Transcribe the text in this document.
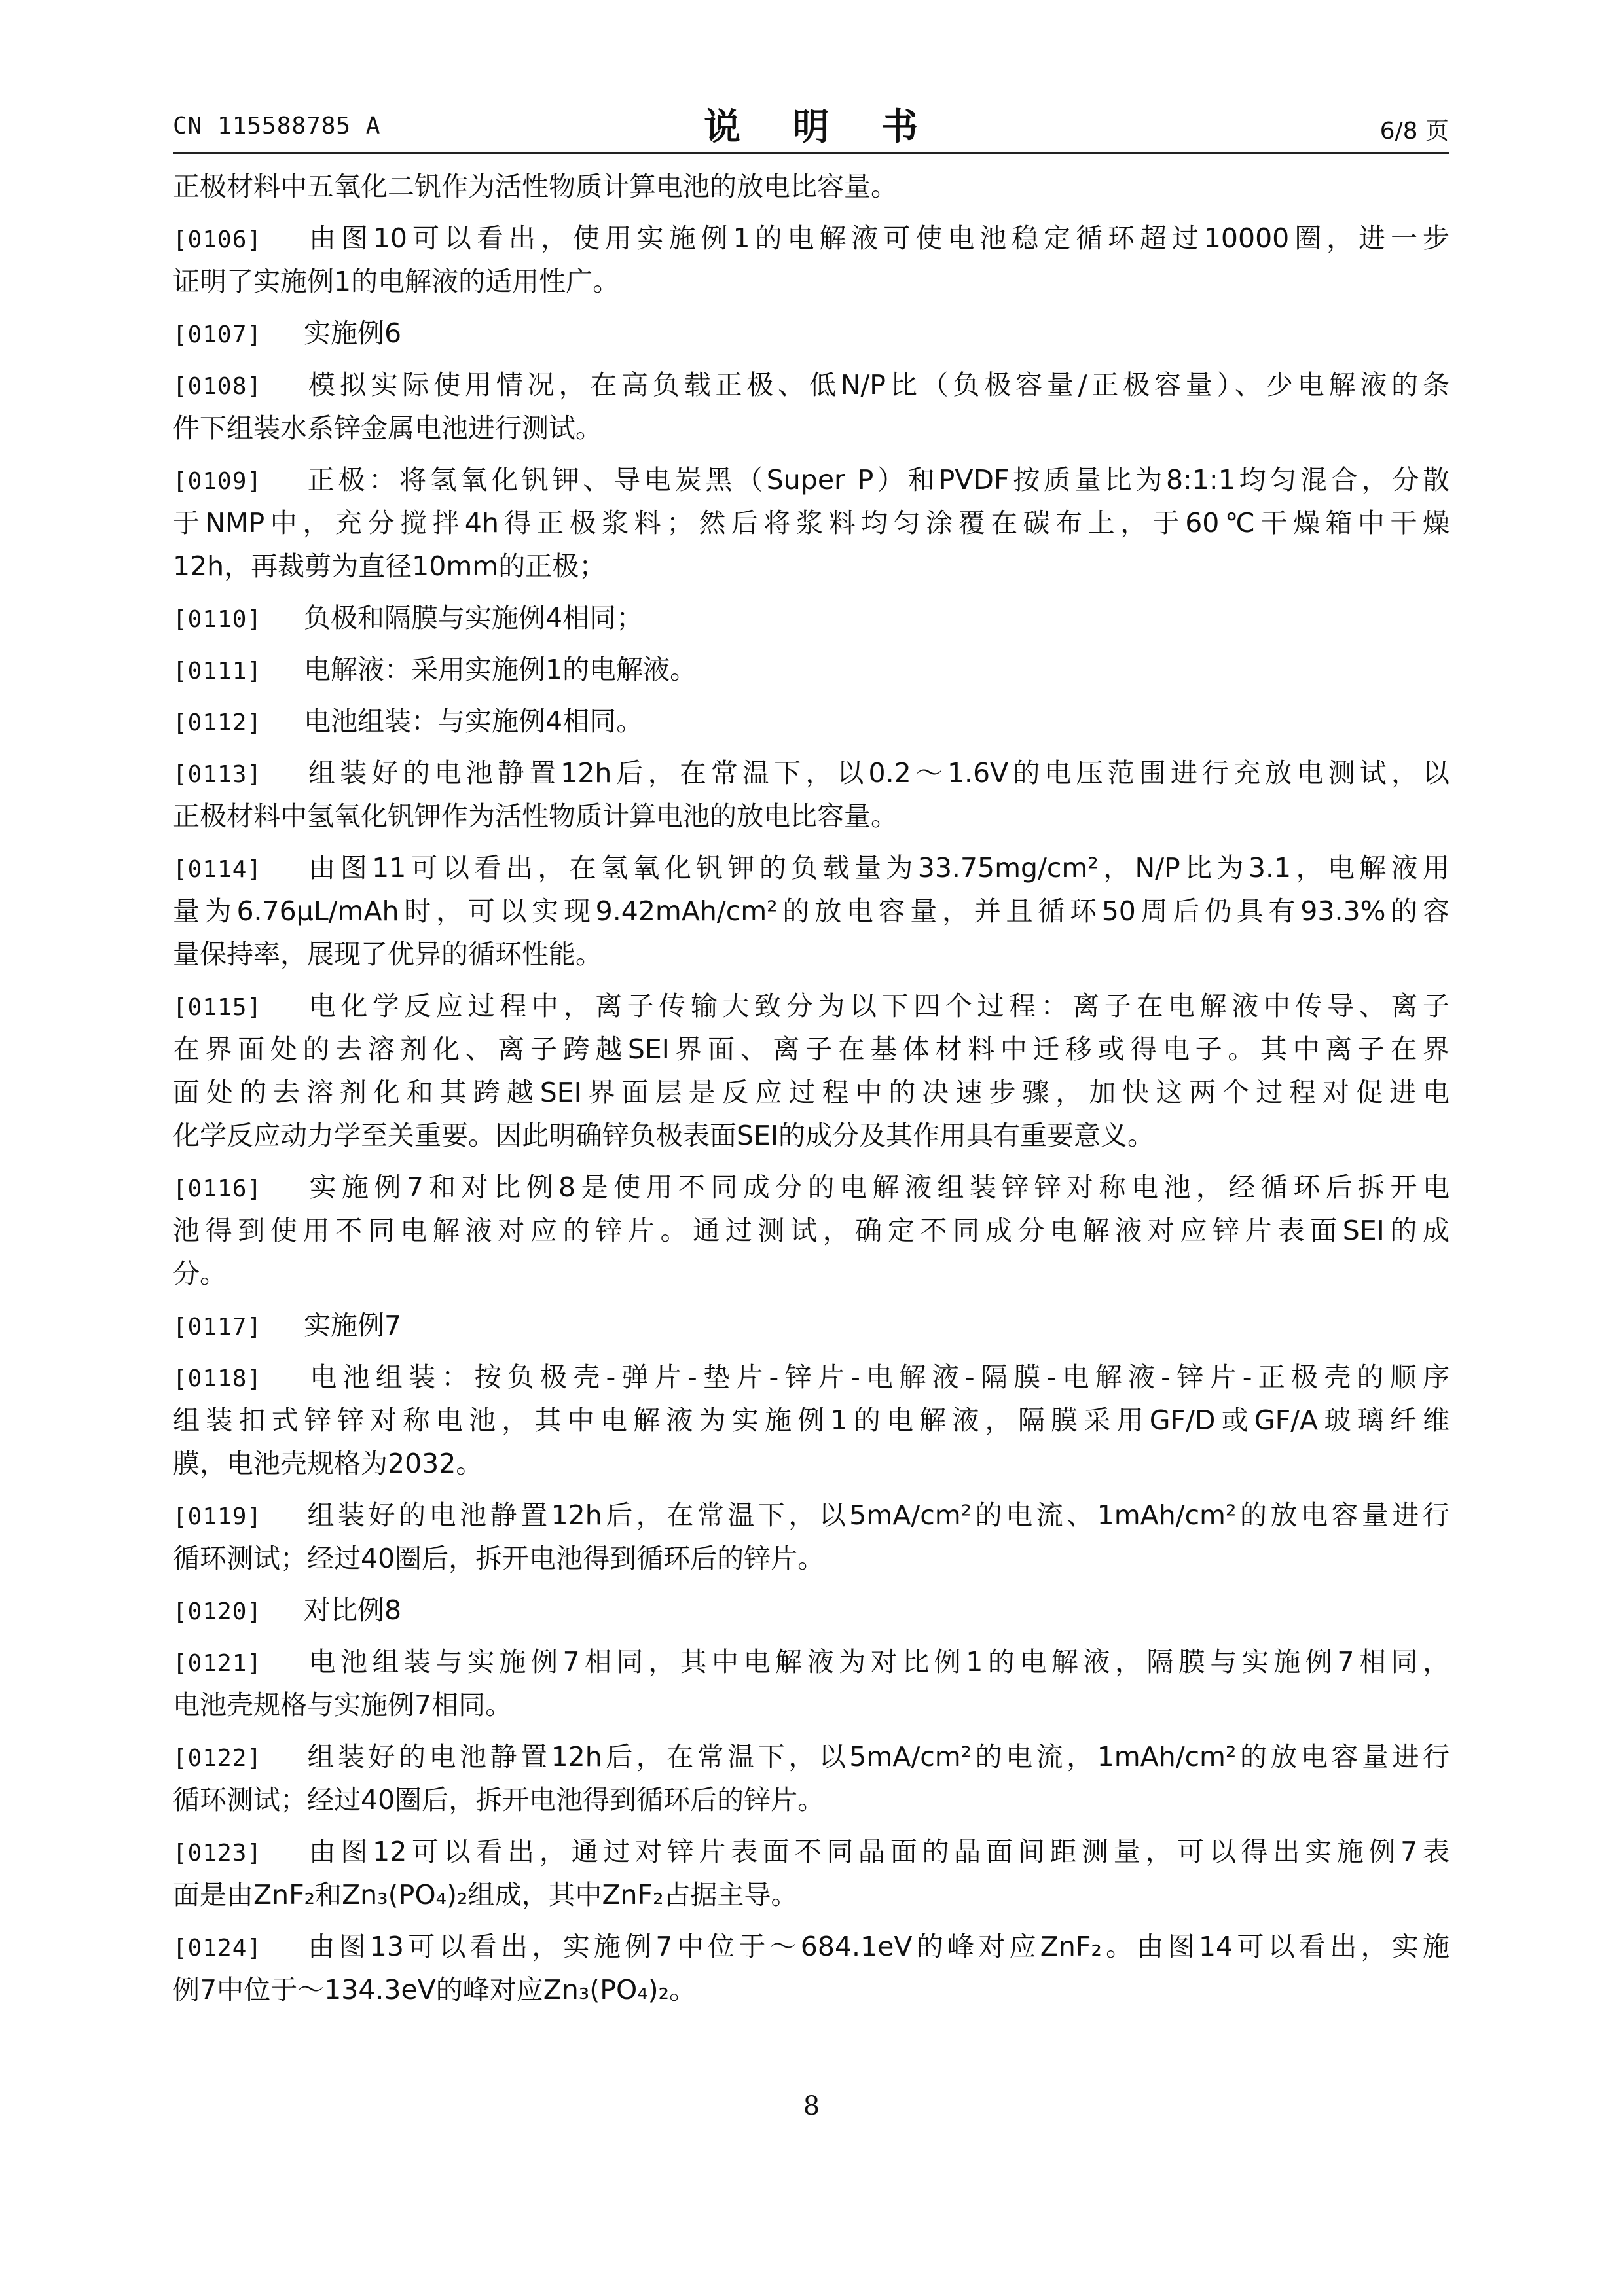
CN 115588785 A	说 明 书	6/8 页
正极材料中五氧化二钒作为活性物质计算电池的放电比容量。
[0106] 由图10可以看出，使用实施例1的电解液可使电池稳定循环超过10000圈，进一步
证明了实施例1的电解液的适用性广。
[0107] 实施例6
[0108] 模拟实际使用情况，在高负载正极、低N/P比（负极容量/正极容量）、少电解液的条
件下组装水系锌金属电池进行测试。
[0109] 正极：将氢氧化钒钾、导电炭黑（Super P）和PVDF按质量比为8:1:1均匀混合，分散
于NMP中，充分搅拌4h得正极浆料；然后将浆料均匀涂覆在碳布上，于60℃干燥箱中干燥
12h，再裁剪为直径10mm的正极；
[0110] 负极和隔膜与实施例4相同；
[0111] 电解液：采用实施例1的电解液。
[0112] 电池组装：与实施例4相同。
[0113] 组装好的电池静置12h后，在常温下，以0.2～1.6V的电压范围进行充放电测试，以
正极材料中氢氧化钒钾作为活性物质计算电池的放电比容量。
[0114] 由图11可以看出，在氢氧化钒钾的负载量为33.75mg/cm²，N/P比为3.1，电解液用
量为6.76μL/mAh时，可以实现9.42mAh/cm²的放电容量，并且循环50周后仍具有93.3%的容
量保持率，展现了优异的循环性能。
[0115] 电化学反应过程中，离子传输大致分为以下四个过程：离子在电解液中传导、离子
在界面处的去溶剂化、离子跨越SEI界面、离子在基体材料中迁移或得电子。其中离子在界
面处的去溶剂化和其跨越SEI界面层是反应过程中的决速步骤，加快这两个过程对促进电
化学反应动力学至关重要。因此明确锌负极表面SEI的成分及其作用具有重要意义。
[0116] 实施例7和对比例8是使用不同成分的电解液组装锌锌对称电池，经循环后拆开电
池得到使用不同电解液对应的锌片。通过测试，确定不同成分电解液对应锌片表面SEI的成
分。
[0117] 实施例7
[0118] 电池组装：按负极壳-弹片-垫片-锌片-电解液-隔膜-电解液-锌片-正极壳的顺序
组装扣式锌锌对称电池，其中电解液为实施例1的电解液，隔膜采用GF/D或GF/A玻璃纤维
膜，电池壳规格为2032。
[0119] 组装好的电池静置12h后，在常温下，以5mA/cm²的电流、1mAh/cm²的放电容量进行
循环测试；经过40圈后，拆开电池得到循环后的锌片。
[0120] 对比例8
[0121] 电池组装与实施例7相同，其中电解液为对比例1的电解液，隔膜与实施例7相同，
电池壳规格与实施例7相同。
[0122] 组装好的电池静置12h后，在常温下，以5mA/cm²的电流，1mAh/cm²的放电容量进行
循环测试；经过40圈后，拆开电池得到循环后的锌片。
[0123] 由图12可以看出，通过对锌片表面不同晶面的晶面间距测量，可以得出实施例7表
面是由ZnF₂和Zn₃(PO₄)₂组成，其中ZnF₂占据主导。
[0124] 由图13可以看出，实施例7中位于～684.1eV的峰对应ZnF₂。由图14可以看出，实施
例7中位于～134.3eV的峰对应Zn₃(PO₄)₂。
8
